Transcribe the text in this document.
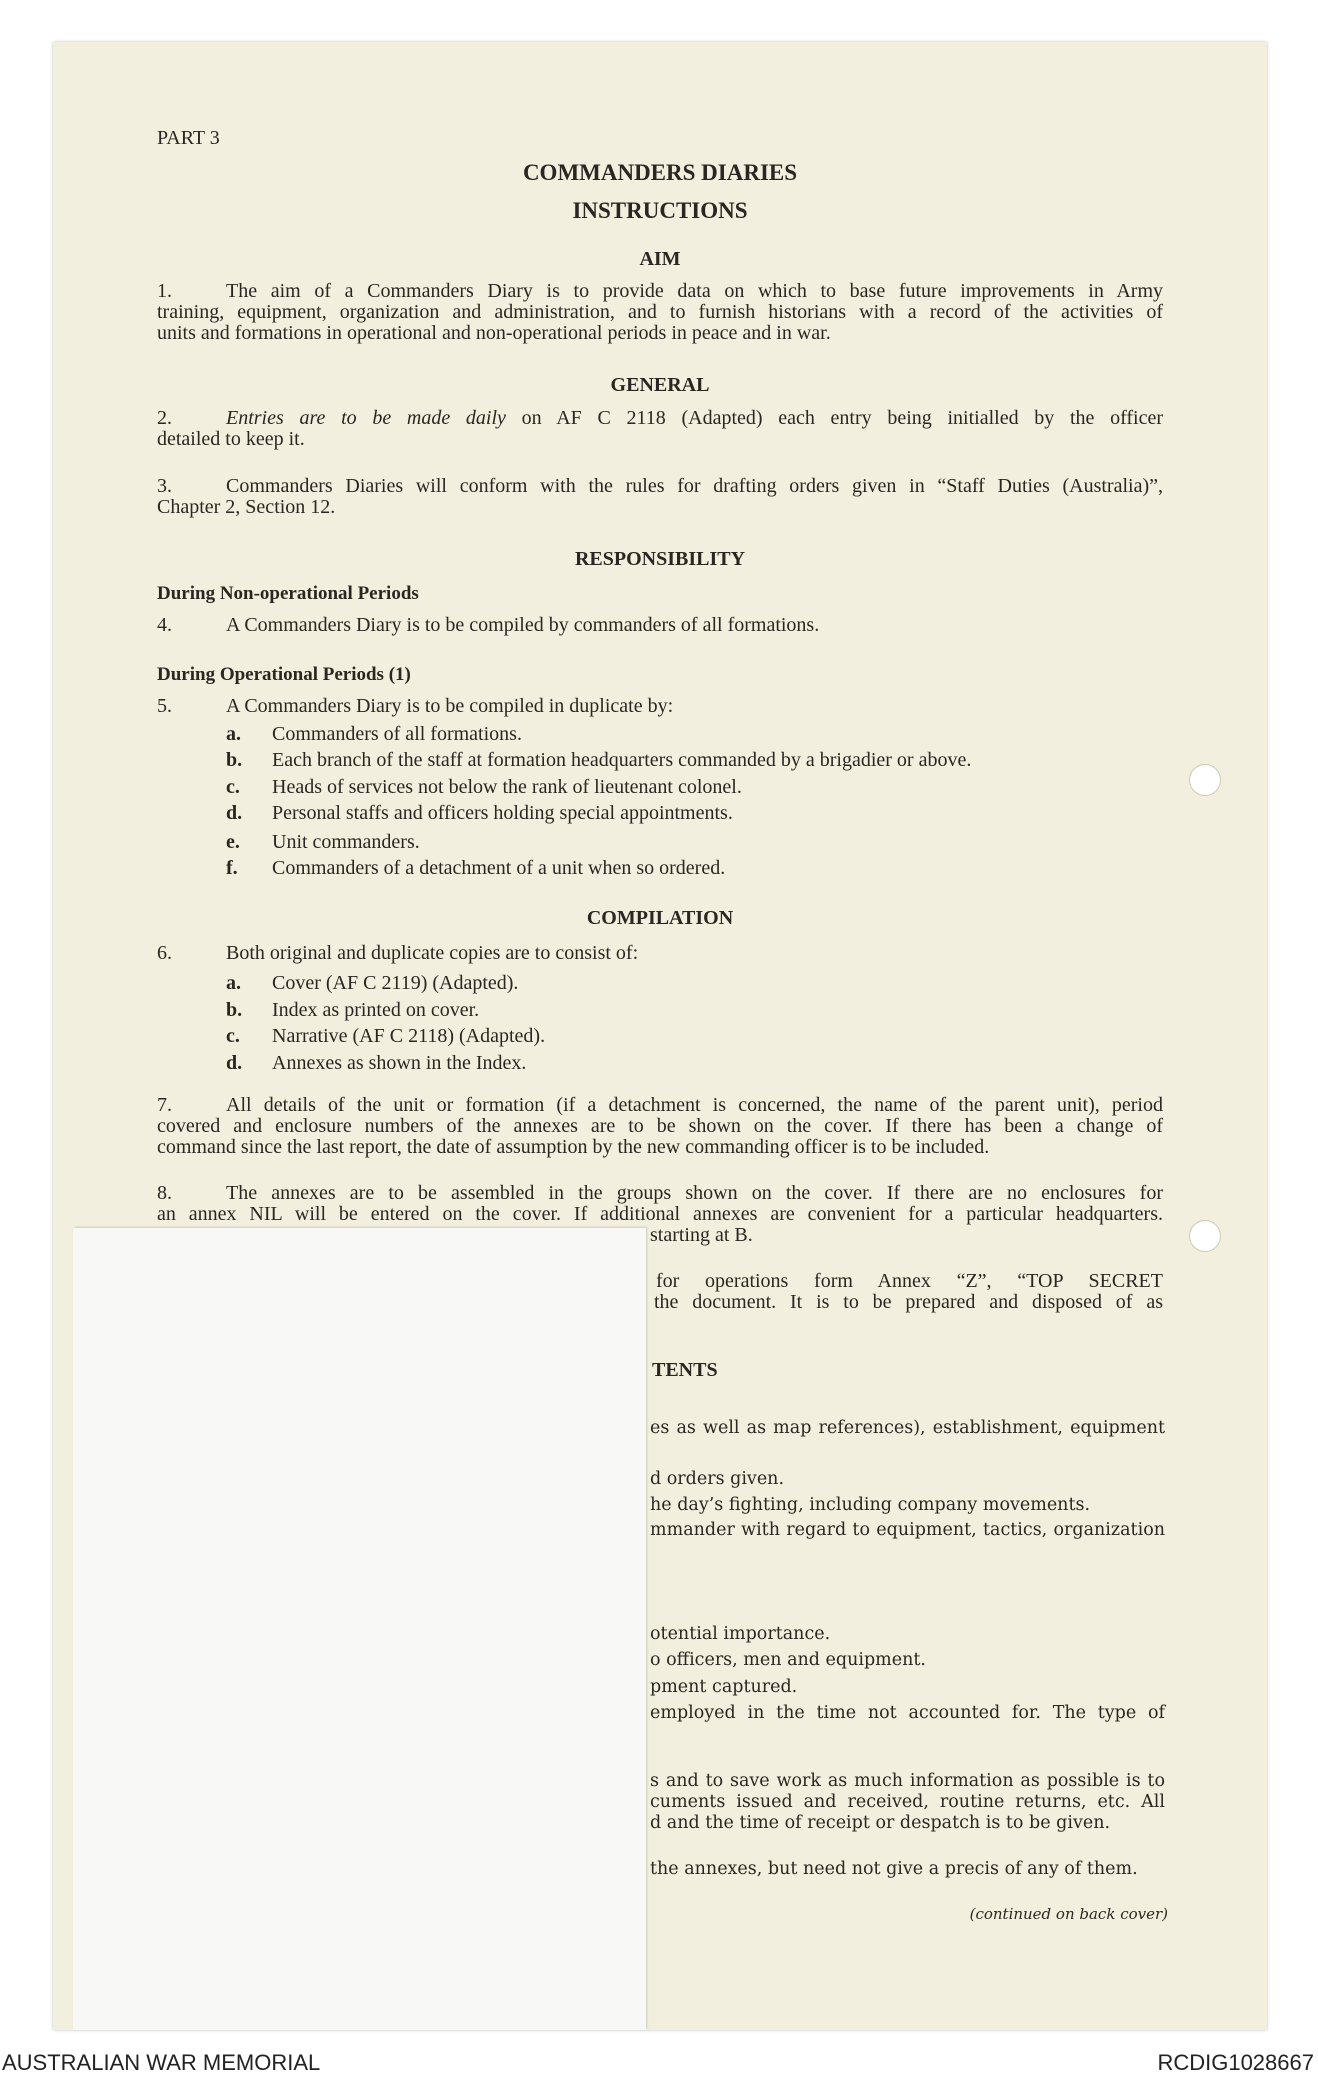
PART 3
COMMANDERS DIARIES
INSTRUCTIONS
AIM
1.	The aim of a Commanders Diary is to provide data on which to base future improvements in Army
training, equipment, organization and administration, and to furnish historians with a record of the activities of
units and formations in operational and non-operational periods in peace and in war.
GENERAL
2.	Entries are to be made daily on AF C 2118 (Adapted) each entry being initialled by the officer
detailed to keep it.
3.	Commanders Diaries will conform with the rules for drafting orders given in “Staff Duties (Australia)”,
Chapter 2, Section 12.
RESPONSIBILITY
During Non-operational Periods
4.	A Commanders Diary is to be compiled by commanders of all formations.
During Operational Periods (1)
5.	A Commanders Diary is to be compiled in duplicate by:
a. Commanders of all formations.
b. Each branch of the staff at formation headquarters commanded by a brigadier or above.
c. Heads of services not below the rank of lieutenant colonel.
d. Personal staffs and officers holding special appointments.
e. Unit commanders.
f. Commanders of a detachment of a unit when so ordered.
COMPILATION
6.	Both original and duplicate copies are to consist of:
a. Cover (AF C 2119) (Adapted).
b. Index as printed on cover.
c. Narrative (AF C 2118) (Adapted).
d. Annexes as shown in the Index.
7.	All details of the unit or formation (if a detachment is concerned, the name of the parent unit), period
covered and enclosure numbers of the annexes are to be shown on the cover. If there has been a change of
command since the last report, the date of assumption by the new commanding officer is to be included.
8.	The annexes are to be assembled in the groups shown on the cover. If there are no enclosures for
an annex NIL will be entered on the cover. If additional annexes are convenient for a particular headquarters.
starting at B.
for operations form Annex “Z”, “TOP SECRET
the document. It is to be prepared and disposed of as
TENTS
es as well as map references), establishment, equipment
d orders given.
he day’s fighting, including company movements.
mmander with regard to equipment, tactics, organization
otential importance.
o officers, men and equipment.
pment captured.
employed in the time not accounted for. The type of
s and to save work as much information as possible is to
cuments issued and received, routine returns, etc. All
d and the time of receipt or despatch is to be given.
the annexes, but need not give a precis of any of them.
(continued on back cover)
AUSTRALIAN WAR MEMORIAL	RCDIG1028667
